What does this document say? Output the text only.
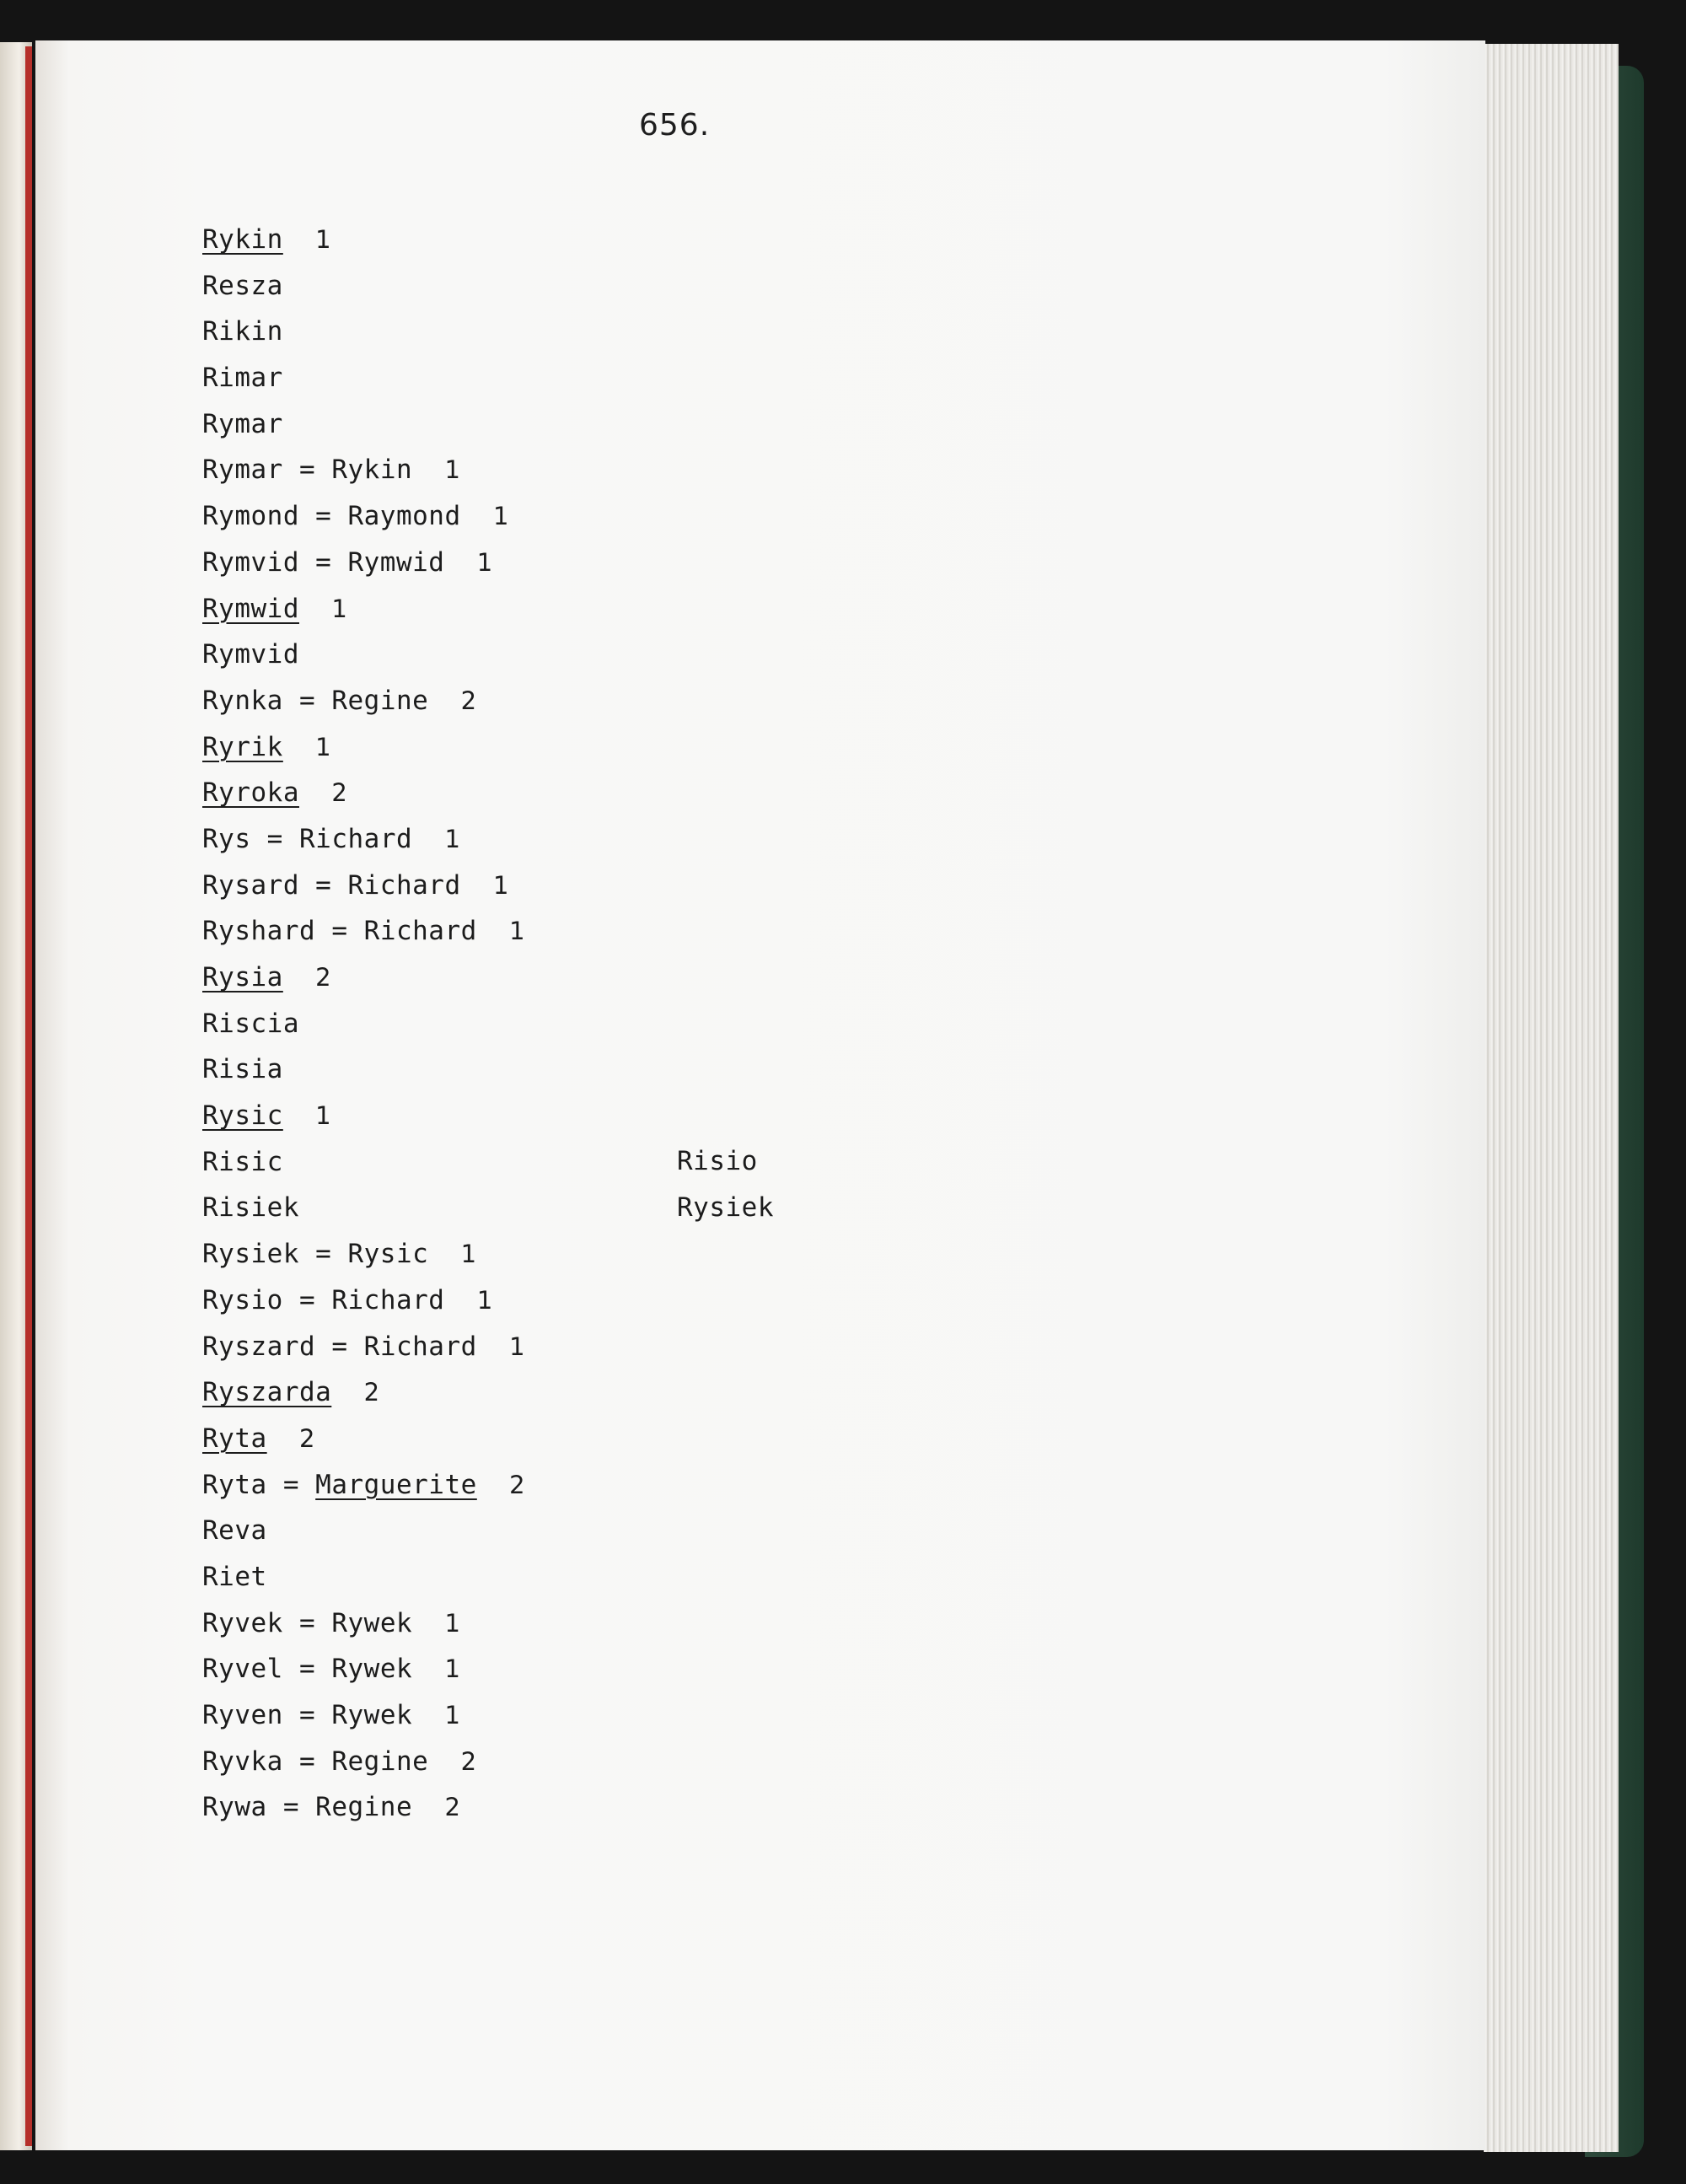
656.
Rykin 1
Resza
Rikin
Rimar
Rymar
Rymar = Rykin 1
Rymond = Raymond 1
Rymvid = Rymwid 1
Rymwid 1
Rymvid
Rynka = Regine 2
Ryrik 1
Ryroka 2
Rys = Richard 1
Rysard = Richard 1
Ryshard = Richard 1
Rysia 2
Riscia
Risia
Rysic 1
Risic
Risiek
Rysiek = Rysic 1
Rysio = Richard 1
Ryszard = Richard 1
Ryszarda 2
Ryta 2
Ryta = Marguerite 2
Reva
Riet
Ryvek = Rywek 1
Ryvel = Rywek 1
Ryven = Rywek 1
Ryvka = Regine 2
Rywa = Regine 2
Risio
Rysiek
